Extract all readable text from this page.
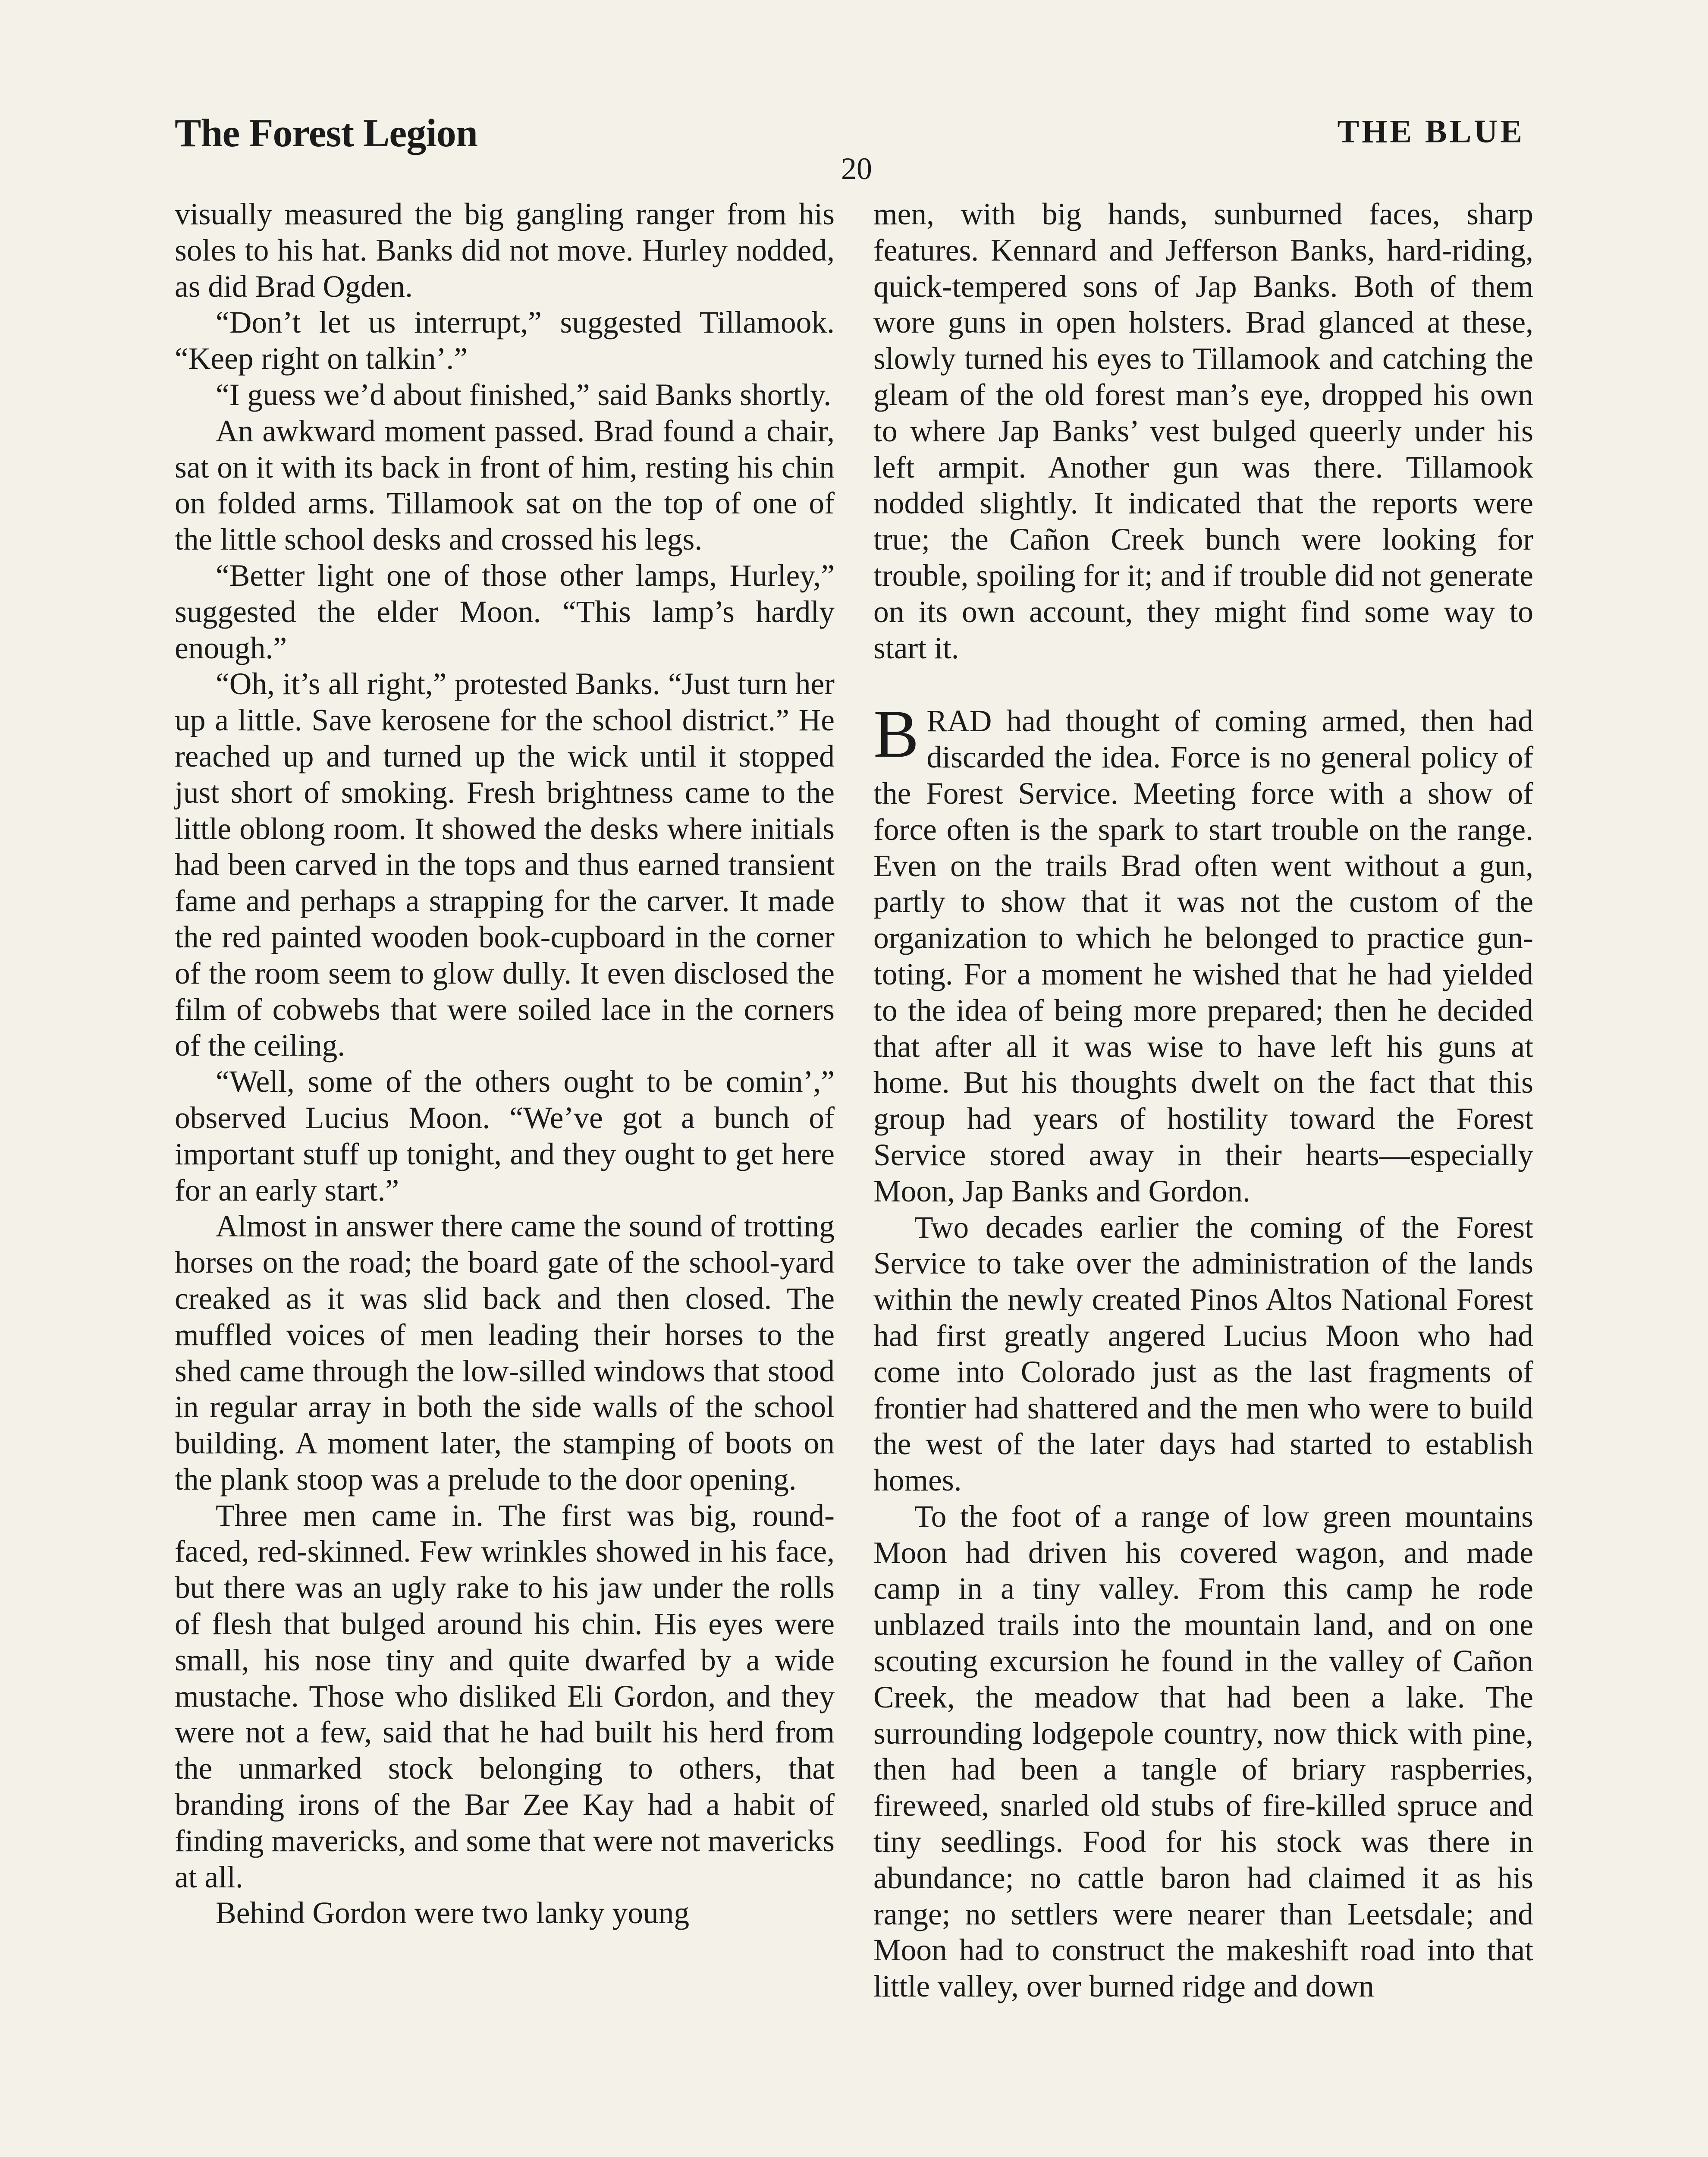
The Forest Legion	THE BLUE
20

visually measured the big gangling ranger from his soles to his hat. Banks did not move. Hurley nodded, as did Brad Ogden.

“Don’t let us interrupt,” suggested Tillamook. “Keep right on talkin’.”

“I guess we’d about finished,” said Banks shortly.

An awkward moment passed. Brad found a chair, sat on it with its back in front of him, resting his chin on folded arms. Tillamook sat on the top of one of the little school desks and crossed his legs.

“Better light one of those other lamps, Hurley,” suggested the elder Moon. “This lamp’s hardly enough.”

“Oh, it’s all right,” protested Banks. “Just turn her up a little. Save kerosene for the school district.” He reached up and turned up the wick until it stopped just short of smoking. Fresh brightness came to the little oblong room. It showed the desks where initials had been carved in the tops and thus earned transient fame and perhaps a strapping for the carver. It made the red painted wooden book-cupboard in the corner of the room seem to glow dully. It even disclosed the film of cobwebs that were soiled lace in the corners of the ceiling.

“Well, some of the others ought to be comin’,” observed Lucius Moon. “We’ve got a bunch of important stuff up tonight, and they ought to get here for an early start.”

Almost in answer there came the sound of trotting horses on the road; the board gate of the school-yard creaked as it was slid back and then closed. The muffled voices of men leading their horses to the shed came through the low-silled windows that stood in regular array in both the side walls of the school building. A moment later, the stamping of boots on the plank stoop was a prelude to the door opening.

Three men came in. The first was big, round-faced, red-skinned. Few wrinkles showed in his face, but there was an ugly rake to his jaw under the rolls of flesh that bulged around his chin. His eyes were small, his nose tiny and quite dwarfed by a wide mustache. Those who disliked Eli Gordon, and they were not a few, said that he had built his herd from the unmarked stock belonging to others, that branding irons of the Bar Zee Kay had a habit of finding mavericks, and some that were not mavericks at all.

Behind Gordon were two lanky young

men, with big hands, sunburned faces, sharp features. Kennard and Jefferson Banks, hard-riding, quick-tempered sons of Jap Banks. Both of them wore guns in open holsters. Brad glanced at these, slowly turned his eyes to Tillamook and catching the gleam of the old forest man’s eye, dropped his own to where Jap Banks’ vest bulged queerly under his left armpit. Another gun was there. Tillamook nodded slightly. It indicated that the reports were true; the Cañon Creek bunch were looking for trouble, spoiling for it; and if trouble did not generate on its own account, they might find some way to start it.

BRAD had thought of coming armed, then had discarded the idea. Force is no general policy of the Forest Service. Meeting force with a show of force often is the spark to start trouble on the range. Even on the trails Brad often went without a gun, partly to show that it was not the custom of the organization to which he belonged to practice gun-toting. For a moment he wished that he had yielded to the idea of being more prepared; then he decided that after all it was wise to have left his guns at home. But his thoughts dwelt on the fact that this group had years of hostility toward the Forest Service stored away in their hearts—especially Moon, Jap Banks and Gordon.

Two decades earlier the coming of the Forest Service to take over the administration of the lands within the newly created Pinos Altos National Forest had first greatly angered Lucius Moon who had come into Colorado just as the last fragments of frontier had shattered and the men who were to build the west of the later days had started to establish homes.

To the foot of a range of low green mountains Moon had driven his covered wagon, and made camp in a tiny valley. From this camp he rode unblazed trails into the mountain land, and on one scouting excursion he found in the valley of Cañon Creek, the meadow that had been a lake. The surrounding lodgepole country, now thick with pine, then had been a tangle of briary raspberries, fireweed, snarled old stubs of fire-killed spruce and tiny seedlings. Food for his stock was there in abundance; no cattle baron had claimed it as his range; no settlers were nearer than Leetsdale; and Moon had to construct the makeshift road into that little valley, over burned ridge and down
